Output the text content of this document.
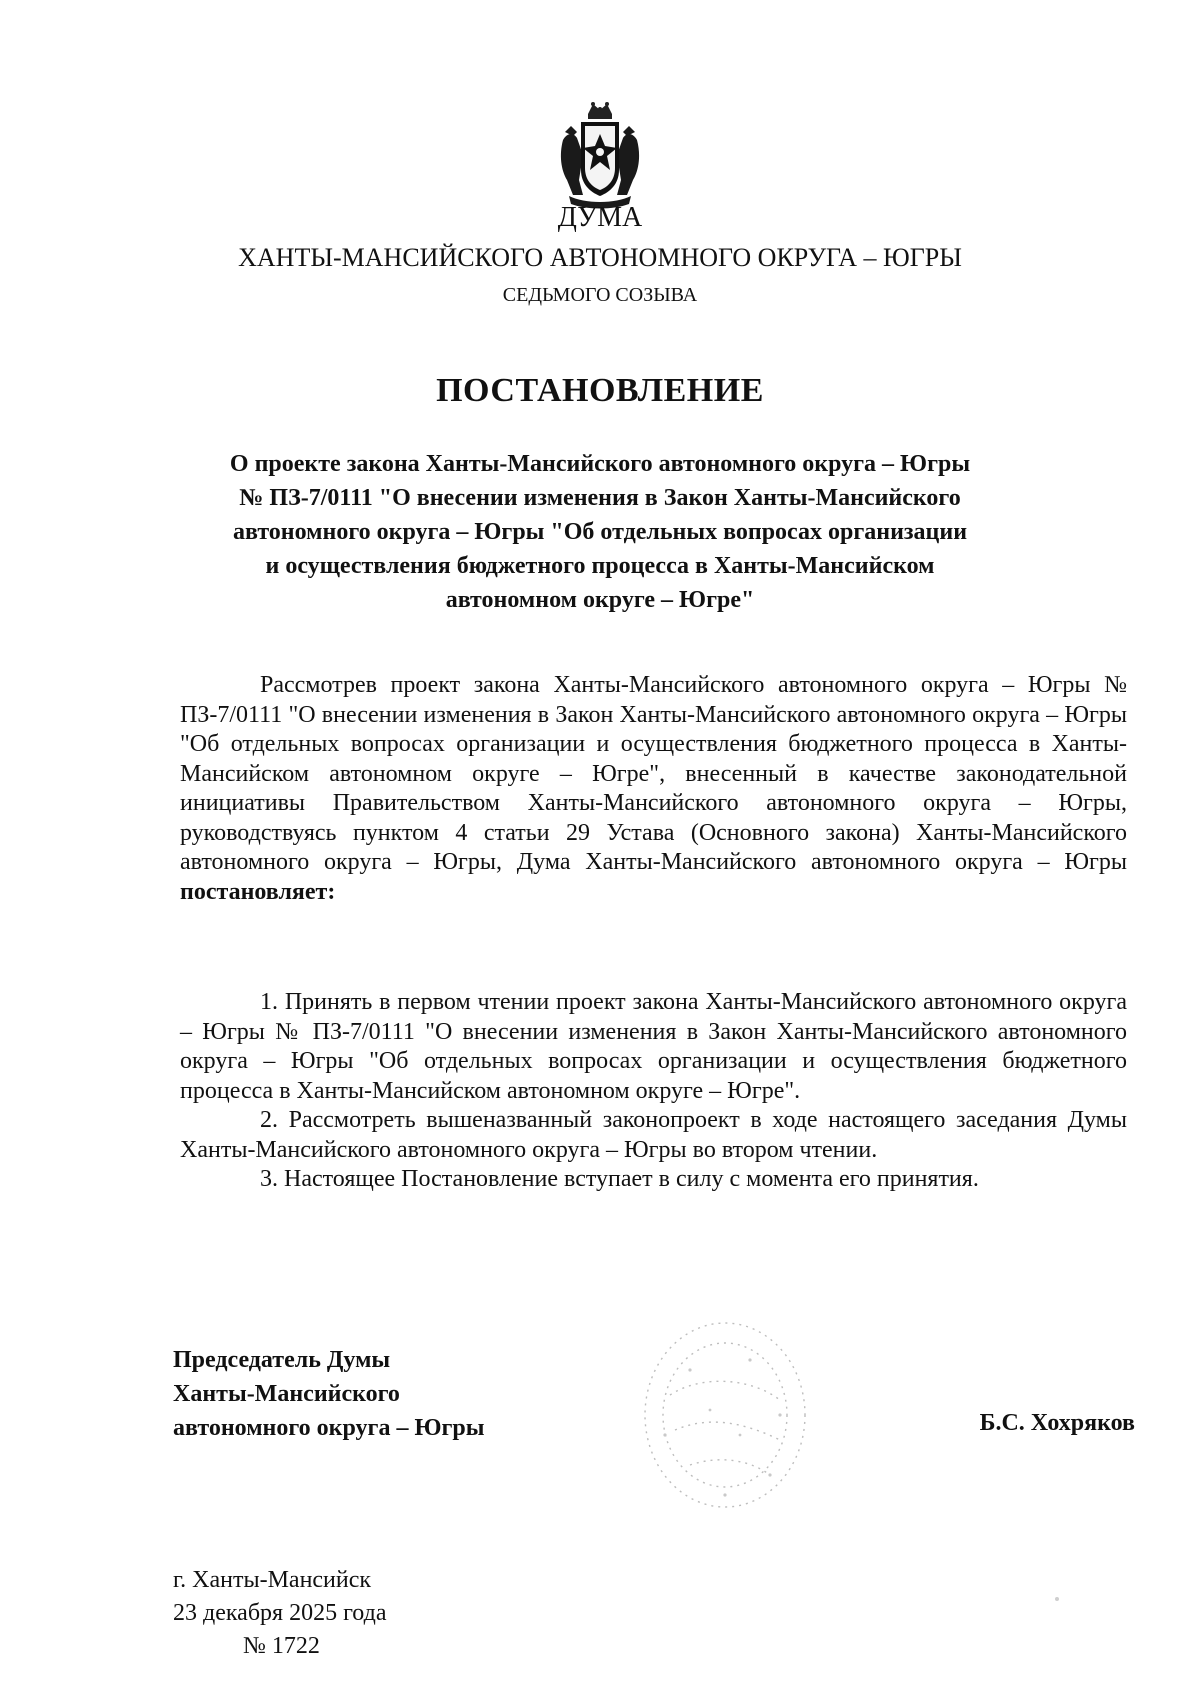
ДУМА
ХАНТЫ-МАНСИЙСКОГО АВТОНОМНОГО ОКРУГА – ЮГРЫ
СЕДЬМОГО СОЗЫВА
ПОСТАНОВЛЕНИЕ
О проекте закона Ханты-Мансийского автономного округа – Югры
№ ПЗ-7/0111 "О внесении изменения в Закон Ханты-Мансийского
автономного округа – Югры "Об отдельных вопросах организации
и осуществления бюджетного процесса в Ханты-Мансийском
автономном округе – Югре"
Рассмотрев проект закона Ханты-Мансийского автономного округа – Югры № ПЗ-7/0111 "О внесении изменения в Закон Ханты-Мансийского автономного округа – Югры "Об отдельных вопросах организации и осуществления бюджетного процесса в Ханты-Мансийском автономном округе – Югре", внесенный в качестве законодательной инициативы Правительством Ханты-Мансийского автономного округа – Югры, руководствуясь пунктом 4 статьи 29 Устава (Основного закона) Ханты-Мансийского автономного округа – Югры, Дума Ханты-Мансийского автономного округа – Югры постановляет:

1. Принять в первом чтении проект закона Ханты-Мансийского автономного округа – Югры № ПЗ-7/0111 "О внесении изменения в Закон Ханты-Мансийского автономного округа – Югры "Об отдельных вопросах организации и осуществления бюджетного процесса в Ханты-Мансийском автономном округе – Югре".

2. Рассмотреть вышеназванный законопроект в ходе настоящего заседания Думы Ханты-Мансийского автономного округа – Югры во втором чтении.

3. Настоящее Постановление вступает в силу с момента его принятия.

Председатель Думы
Ханты-Мансийского
автономного округа – Югры	Б.С. Хохряков
г. Ханты-Мансийск
23 декабря 2025 года
№ 1722
